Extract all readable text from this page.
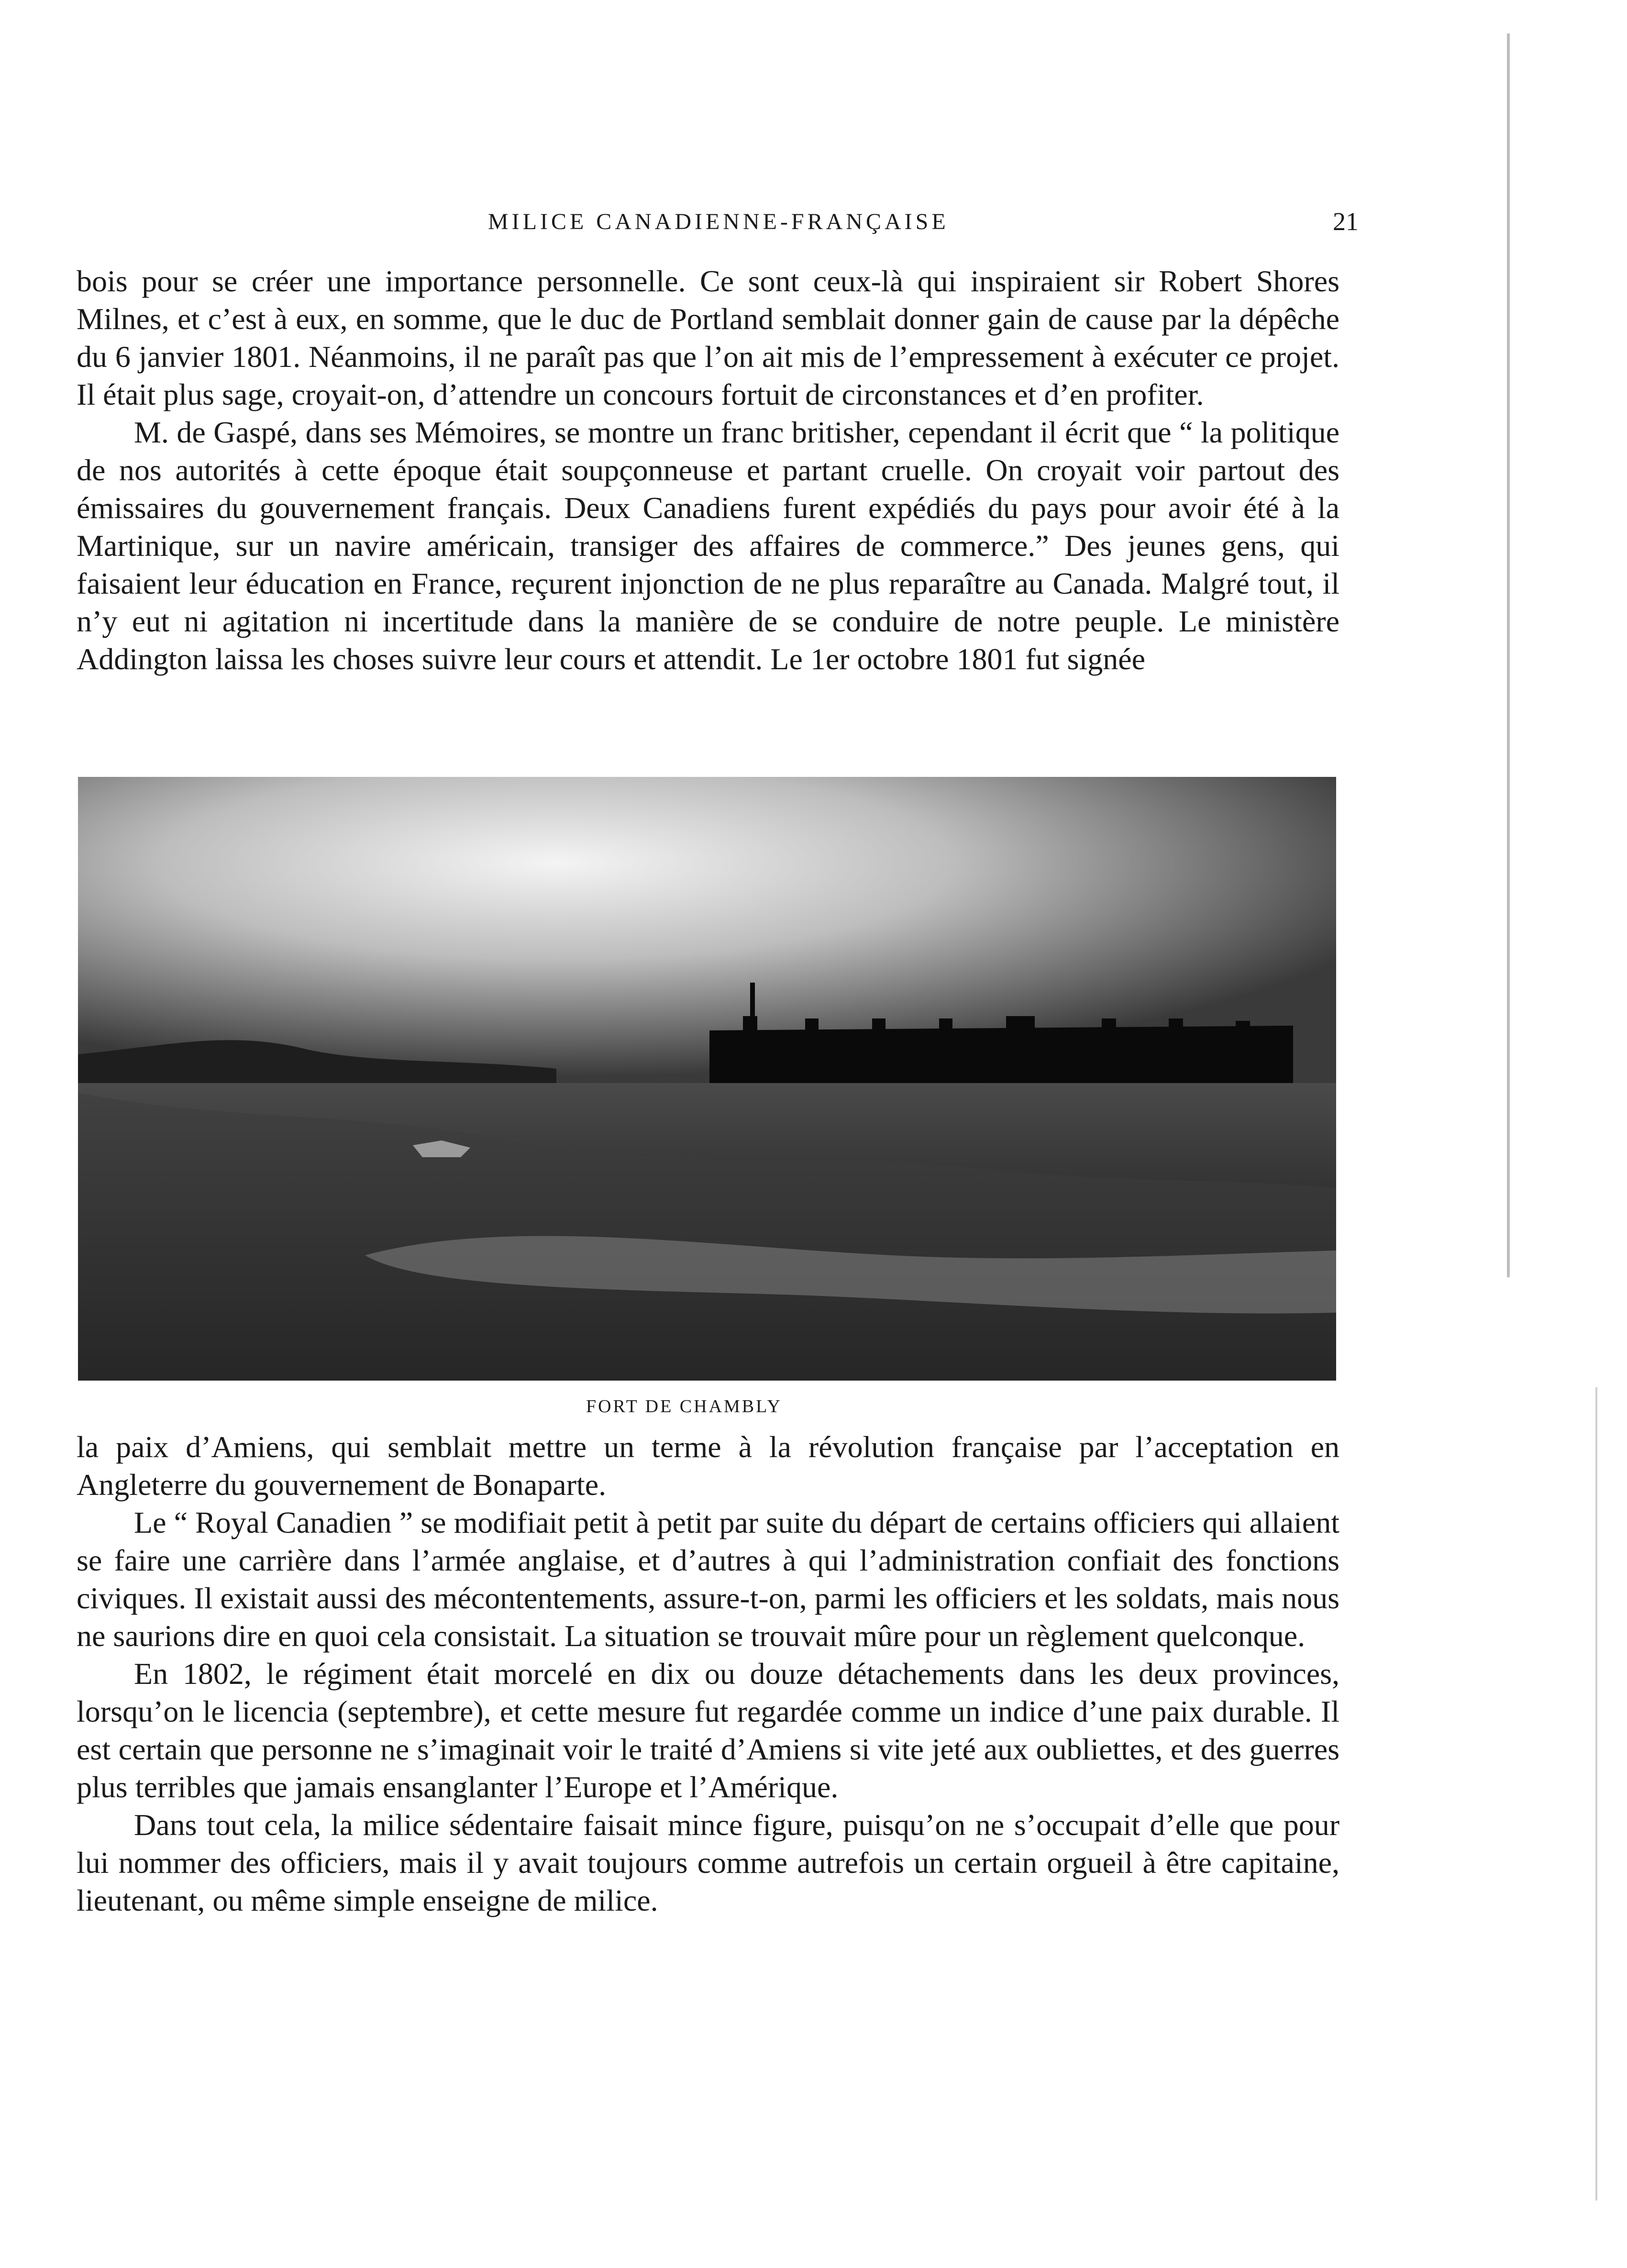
MILICE CANADIENNE-FRANÇAISE	21

bois pour se créer une importance personnelle. Ce sont ceux-là qui inspiraient sir Robert Shores Milnes, et c’est à eux, en somme, que le duc de Portland semblait donner gain de cause par la dépêche du 6 janvier 1801. Néanmoins, il ne paraît pas que l’on ait mis de l’empressement à exécuter ce projet. Il était plus sage, croyait-on, d’attendre un concours fortuit de circonstances et d’en profiter.

M. de Gaspé, dans ses Mémoires, se montre un franc britisher, cependant il écrit que “ la politique de nos autorités à cette époque était soupçonneuse et partant cruelle. On croyait voir partout des émissaires du gouvernement français. Deux Canadiens furent expédiés du pays pour avoir été à la Martinique, sur un navire américain, transiger des affaires de commerce.” Des jeunes gens, qui faisaient leur éducation en France, reçurent injonction de ne plus reparaître au Canada. Malgré tout, il n’y eut ni agitation ni incertitude dans la manière de se conduire de notre peuple. Le ministère Addington laissa les choses suivre leur cours et attendit. Le 1er octobre 1801 fut signée

FORT DE CHAMBLY

la paix d’Amiens, qui semblait mettre un terme à la révolution française par l’acceptation en Angleterre du gouvernement de Bonaparte.

Le “ Royal Canadien ” se modifiait petit à petit par suite du départ de certains officiers qui allaient se faire une carrière dans l’armée anglaise, et d’autres à qui l’administration confiait des fonctions civiques. Il existait aussi des mécontentements, assure-t-on, parmi les officiers et les soldats, mais nous ne saurions dire en quoi cela consistait. La situation se trouvait mûre pour un règlement quelconque.

En 1802, le régiment était morcelé en dix ou douze détachements dans les deux provinces, lorsqu’on le licencia (septembre), et cette mesure fut regardée comme un indice d’une paix durable. Il est certain que personne ne s’imaginait voir le traité d’Amiens si vite jeté aux oubliettes, et des guerres plus terribles que jamais ensanglanter l’Europe et l’Amérique.

Dans tout cela, la milice sédentaire faisait mince figure, puisqu’on ne s’occupait d’elle que pour lui nommer des officiers, mais il y avait toujours comme autrefois un certain orgueil à être capitaine, lieutenant, ou même simple enseigne de milice.
